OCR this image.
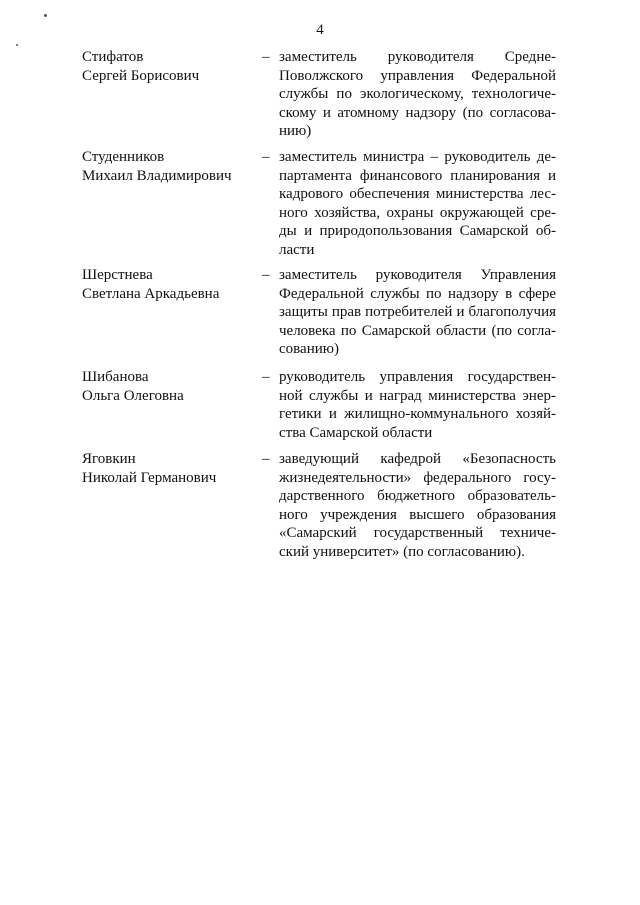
4
Стифатов
Сергей Борисович
– заместитель руководителя Средне-
Поволжского управления Федеральной
службы по экологическому, технологиче-
скому и атомному надзору (по согласова-
нию)
Студенников
Михаил Владимирович
– заместитель министра – руководитель де-
партамента финансового планирования и
кадрового обеспечения министерства лес-
ного хозяйства, охраны окружающей сре-
ды и природопользования Самарской об-
ласти
Шерстнева
Светлана Аркадьевна
– заместитель руководителя Управления
Федеральной службы по надзору в сфере
защиты прав потребителей и благополучия
человека по Самарской области (по согла-
сованию)
Шибанова
Ольга Олеговна
– руководитель управления государствен-
ной службы и наград министерства энер-
гетики и жилищно-коммунального хозяй-
ства Самарской области
Яговкин
Николай Германович
– заведующий кафедрой «Безопасность
жизнедеятельности» федерального госу-
дарственного бюджетного образователь-
ного учреждения высшего образования
«Самарский государственный техниче-
ский университет» (по согласованию).
